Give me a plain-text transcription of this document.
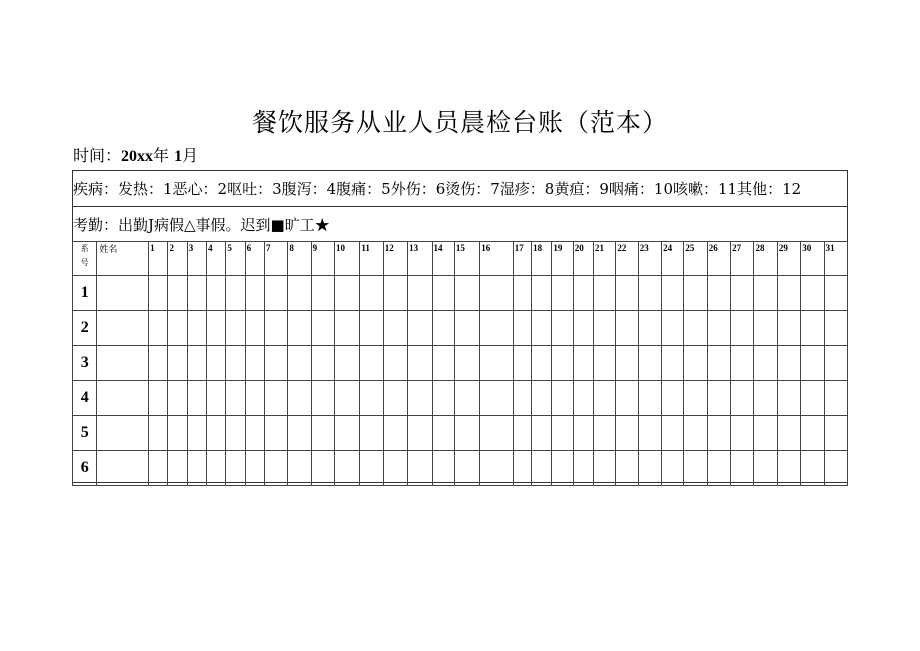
餐饮服务从业人员晨检台账（范本）
时间：20xx年 1月
疾病：发热：1恶心：2呕吐：3腹泻：4腹痛：5外伤：6烫伤：7湿疹：8黄疸：9咽痛：10咳嗽：11其他：12
考勤：出勤J病假△事假。迟到■旷工★
系
号	姓名	1	2	3	4	5	6	7	8	9	10	11	12	13	14	15	16	17	18	19	20	21	22	23	24	25	26	27	28	29	30	31
1																																
2																																
3																																
4																																
5																																
6																																
